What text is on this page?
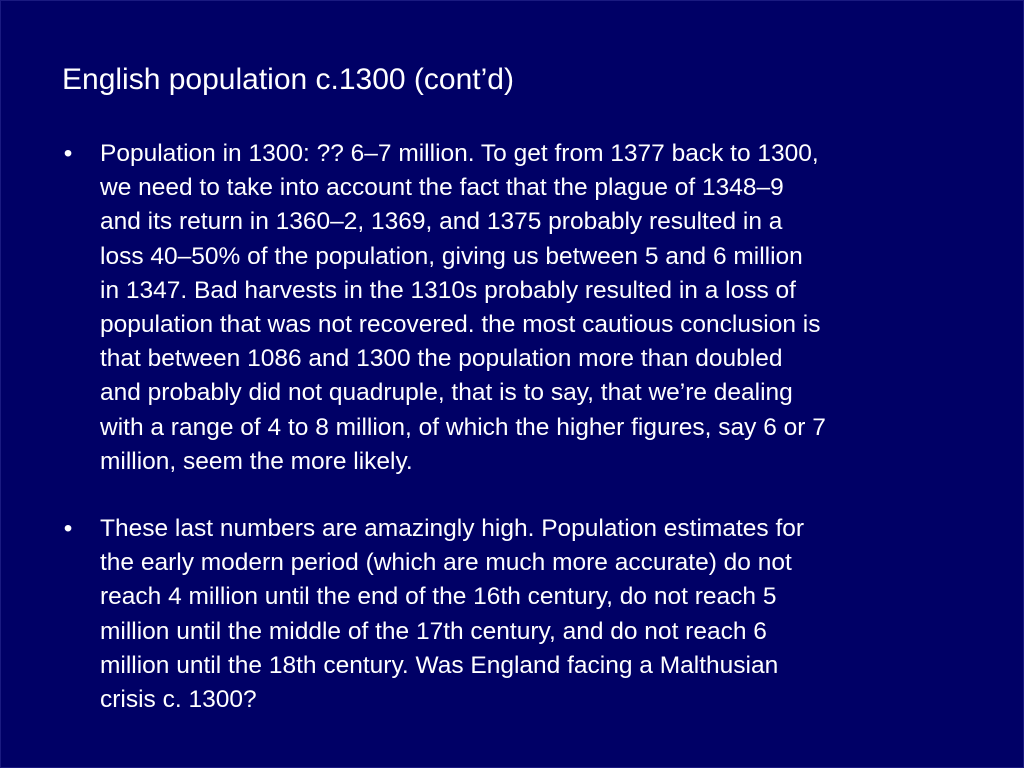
English population c.1300 (cont’d)
• Population in 1300: ?? 6–7 million. To get from 1377 back to 1300,
we need to take into account the fact that the plague of 1348–9
and its return in 1360–2, 1369, and 1375 probably resulted in a
loss 40–50% of the population, giving us between 5 and 6 million
in 1347. Bad harvests in the 1310s probably resulted in a loss of
population that was not recovered. the most cautious conclusion is
that between 1086 and 1300 the population more than doubled
and probably did not quadruple, that is to say, that we’re dealing
with a range of 4 to 8 million, of which the higher figures, say 6 or 7
million, seem the more likely.
• These last numbers are amazingly high. Population estimates for
the early modern period (which are much more accurate) do not
reach 4 million until the end of the 16th century, do not reach 5
million until the middle of the 17th century, and do not reach 6
million until the 18th century. Was England facing a Malthusian
crisis c. 1300?
